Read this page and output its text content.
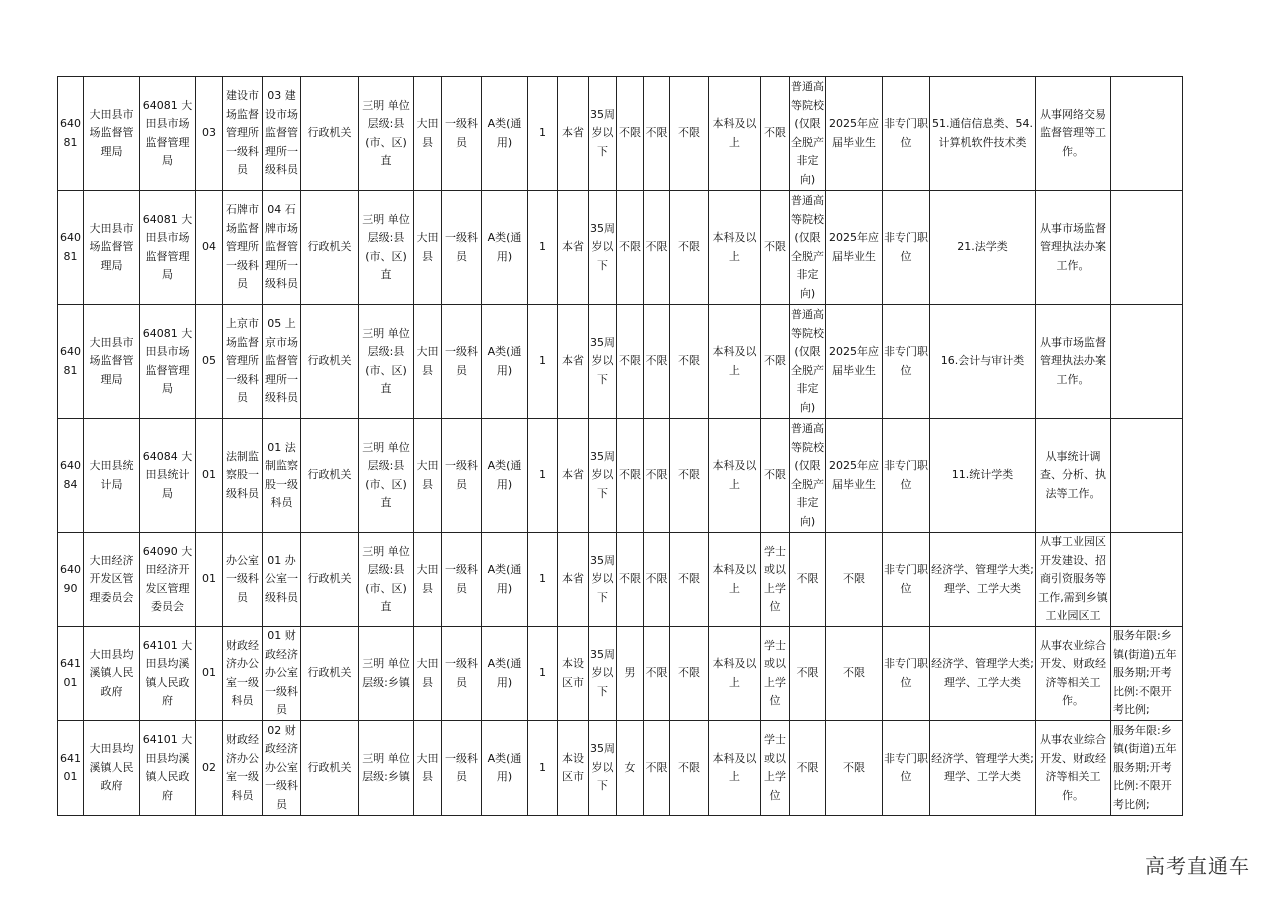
64081	大田县市场监督管理局	64081 大田县市场监督管理局	03	建设市场监督管理所一级科员	03 建设市场监督管理所一级科员	行政机关	三明 单位层级:县(市、区)直	大田县	一级科员	A类(通用)	1	本省	35周岁以下	不限	不限	不限	本科及以上	不限	普通高等院校(仅限全脱产非定向)	2025年应届毕业生	非专门职位	51.通信信息类、54.计算机软件技术类	从事网络交易监督管理等工作。	
64081	大田县市场监督管理局	64081 大田县市场监督管理局	04	石牌市场监督管理所一级科员	04 石牌市场监督管理所一级科员	行政机关	三明 单位层级:县(市、区)直	大田县	一级科员	A类(通用)	1	本省	35周岁以下	不限	不限	不限	本科及以上	不限	普通高等院校(仅限全脱产非定向)	2025年应届毕业生	非专门职位	21.法学类	从事市场监督管理执法办案工作。	
64081	大田县市场监督管理局	64081 大田县市场监督管理局	05	上京市场监督管理所一级科员	05 上京市场监督管理所一级科员	行政机关	三明 单位层级:县(市、区)直	大田县	一级科员	A类(通用)	1	本省	35周岁以下	不限	不限	不限	本科及以上	不限	普通高等院校(仅限全脱产非定向)	2025年应届毕业生	非专门职位	16.会计与审计类	从事市场监督管理执法办案工作。	
64084	大田县统计局	64084 大田县统计局	01	法制监察股一级科员	01 法制监察股一级科员	行政机关	三明 单位层级:县(市、区)直	大田县	一级科员	A类(通用)	1	本省	35周岁以下	不限	不限	不限	本科及以上	不限	普通高等院校(仅限全脱产非定向)	2025年应届毕业生	非专门职位	11.统计学类	从事统计调查、分析、执法等工作。	
64090	大田经济开发区管理委员会	64090 大田经济开发区管理委员会	01	办公室一级科员	01 办公室一级科员	行政机关	三明 单位层级:县(市、区)直	大田县	一级科员	A类(通用)	1	本省	35周岁以下	不限	不限	不限	本科及以上	学士或以上学位	不限	不限	非专门职位	经济学、管理学大类;理学、工学大类	从事工业园区开发建设、招商引资服务等工作,需到乡镇工业园区工	
64101	大田县均溪镇人民政府	64101 大田县均溪镇人民政府	01	财政经济办公室一级科员	01 财政经济办公室一级科员	行政机关	三明 单位层级:乡镇	大田县	一级科员	A类(通用)	1	本设区市	35周岁以下	男	不限	不限	本科及以上	学士或以上学位	不限	不限	非专门职位	经济学、管理学大类;理学、工学大类	从事农业综合开发、财政经济等相关工作。	服务年限:乡镇(街道)五年服务期;开考比例:不限开考比例;
64101	大田县均溪镇人民政府	64101 大田县均溪镇人民政府	02	财政经济办公室一级科员	02 财政经济办公室一级科员	行政机关	三明 单位层级:乡镇	大田县	一级科员	A类(通用)	1	本设区市	35周岁以下	女	不限	不限	本科及以上	学士或以上学位	不限	不限	非专门职位	经济学、管理学大类;理学、工学大类	从事农业综合开发、财政经济等相关工作。	服务年限:乡镇(街道)五年服务期;开考比例:不限开考比例;
高考直通车
